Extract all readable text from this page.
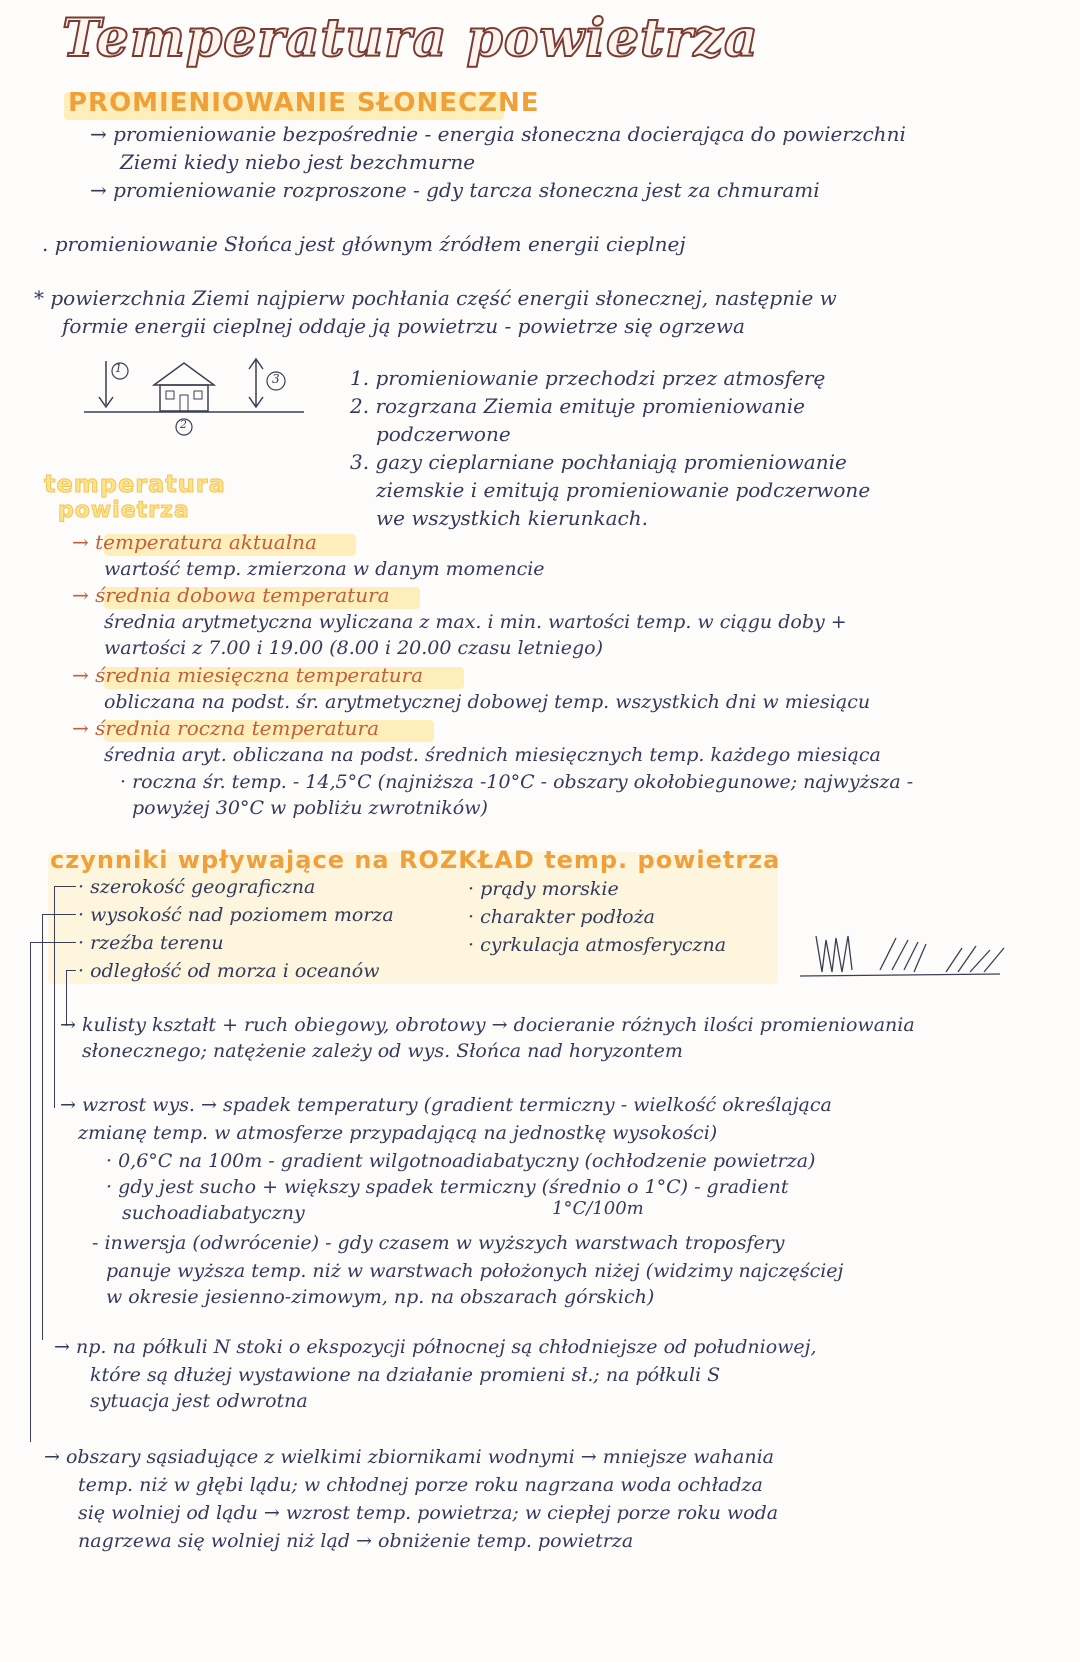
Temperatura powietrza
PROMIENIOWANIE SŁONECZNE
→ promieniowanie bezpośrednie - energia słoneczna docierająca do powierzchni
Ziemi kiedy niebo jest bezchmurne
→ promieniowanie rozproszone - gdy tarcza słoneczna jest za chmurami
. promieniowanie Słońca jest głównym źródłem energii cieplnej
* powierzchnia Ziemi najpierw pochłania część energii słonecznej, następnie w
formie energii cieplnej oddaje ją powietrzu - powietrze się ogrzewa
1
2
3	1. promieniowanie przechodzi przez atmosferę
2. rozgrzana Ziemia emituje promieniowanie
podczerwone
3. gazy cieplarniane pochłaniają promieniowanie
ziemskie i emitują promieniowanie podczerwone
we wszystkich kierunkach.
temperatura
powietrza
→ temperatura aktualna
wartość temp. zmierzona w danym momencie
→ średnia dobowa temperatura
średnia arytmetyczna wyliczana z max. i min. wartości temp. w ciągu doby +
wartości z 7.00 i 19.00 (8.00 i 20.00 czasu letniego)
→ średnia miesięczna temperatura
obliczana na podst. śr. arytmetycznej dobowej temp. wszystkich dni w miesiącu
→ średnia roczna temperatura
średnia aryt. obliczana na podst. średnich miesięcznych temp. każdego miesiąca
· roczna śr. temp. - 14,5°C (najniższa -10°C - obszary okołobiegunowe; najwyższa -
powyżej 30°C w pobliżu zwrotników)
czynniki wpływające na ROZKŁAD temp. powietrza
· szerokość geograficzna
· wysokość nad poziomem morza
· rzeźba terenu
· odległość od morza i oceanów
· prądy morskie
· charakter podłoża
· cyrkulacja atmosferyczna
→ kulisty kształt + ruch obiegowy, obrotowy → docieranie różnych ilości promieniowania
słonecznego; natężenie zależy od wys. Słońca nad horyzontem
→ wzrost wys. → spadek temperatury (gradient termiczny - wielkość określająca
zmianę temp. w atmosferze przypadającą na jednostkę wysokości)
· 0,6°C na 100m - gradient wilgotnoadiabatyczny (ochłodzenie powietrza)
· gdy jest sucho + większy spadek termiczny (średnio o 1°C) - gradient
suchoadiabatyczny	1°C/100m
- inwersja (odwrócenie) - gdy czasem w wyższych warstwach troposfery
panuje wyższa temp. niż w warstwach położonych niżej (widzimy najczęściej
w okresie jesienno-zimowym, np. na obszarach górskich)
→ np. na półkuli N stoki o ekspozycji północnej są chłodniejsze od południowej,
które są dłużej wystawione na działanie promieni sł.; na półkuli S
sytuacja jest odwrotna
→ obszary sąsiadujące z wielkimi zbiornikami wodnymi → mniejsze wahania
temp. niż w głębi lądu; w chłodnej porze roku nagrzana woda ochładza
się wolniej od lądu → wzrost temp. powietrza; w ciepłej porze roku woda
nagrzewa się wolniej niż ląd → obniżenie temp. powietrza
